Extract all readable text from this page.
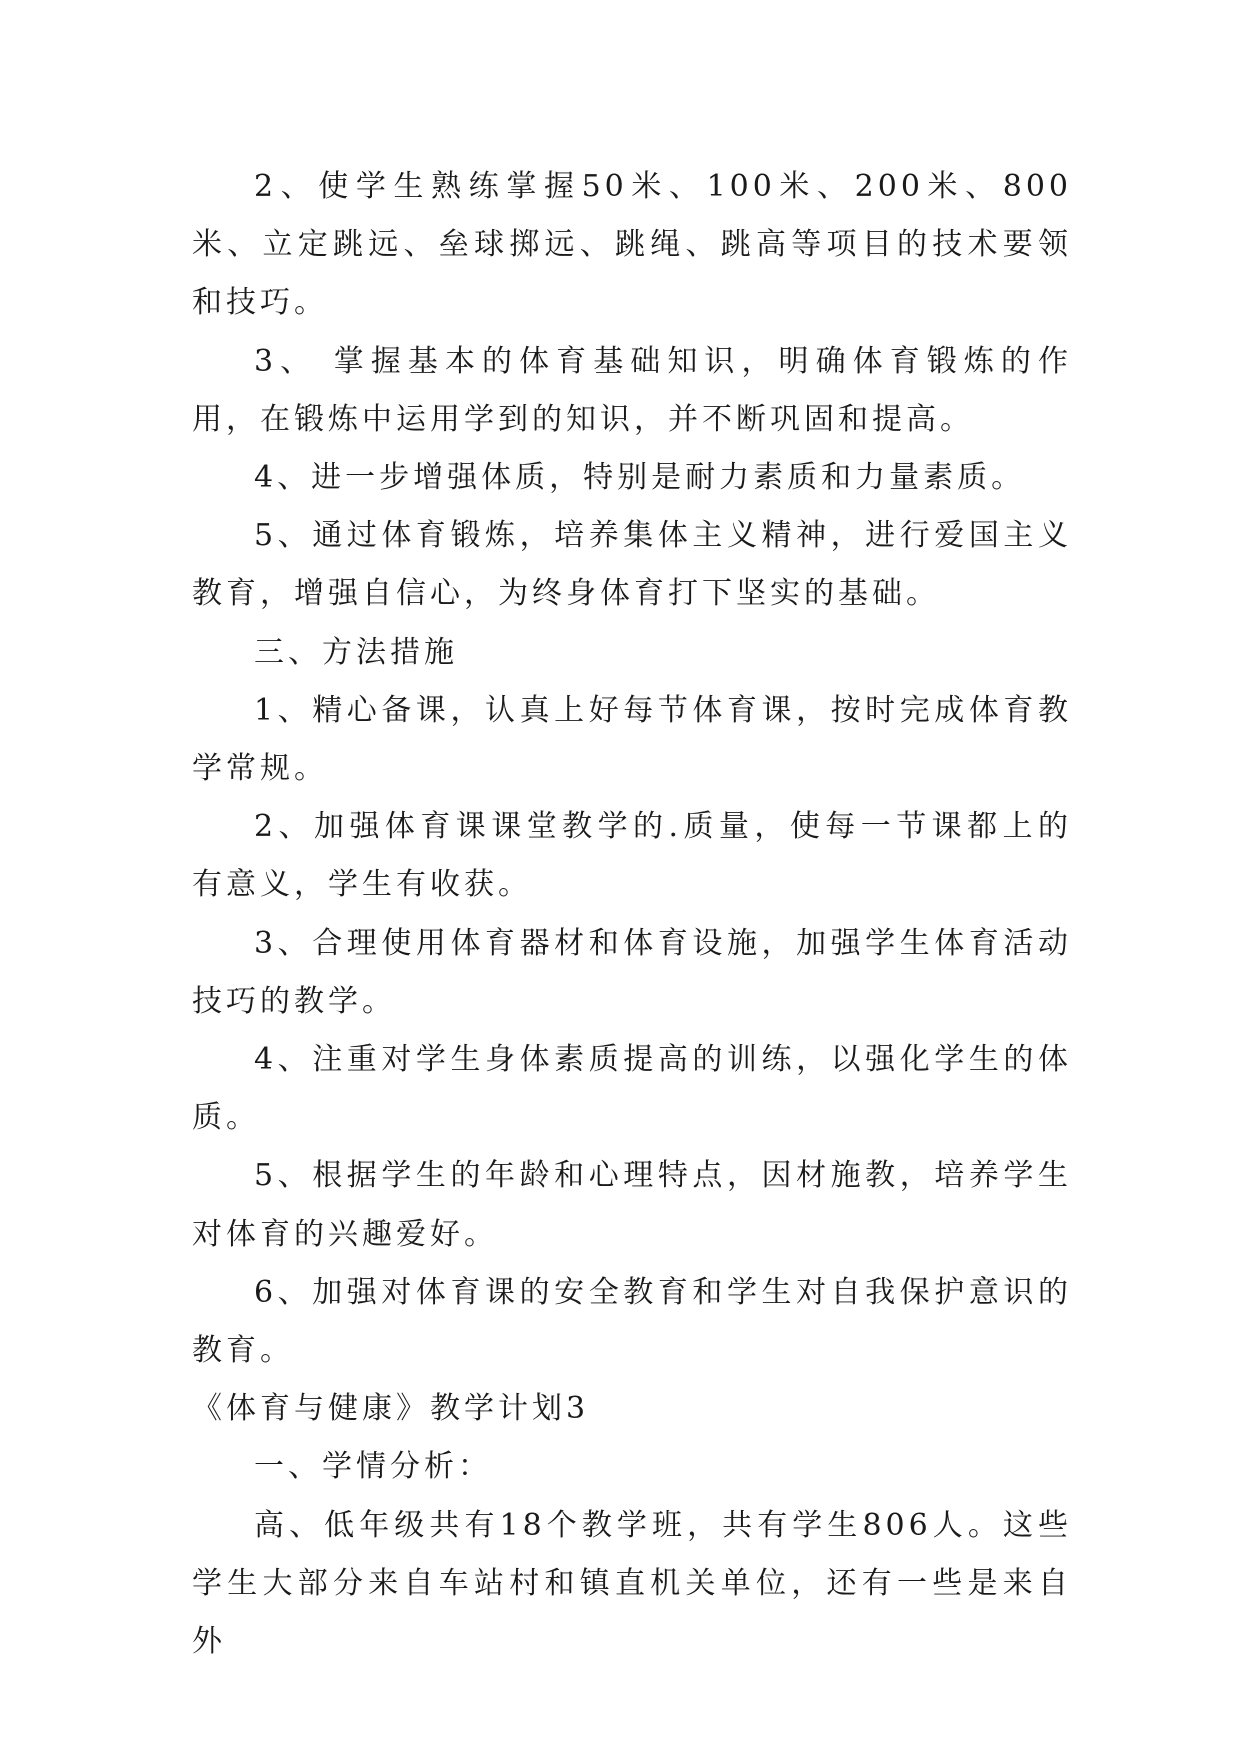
2、使学生熟练掌握50米、100米、200米、800米、立定跳远、垒球掷远、跳绳、跳高等项目的技术要领和技巧。

3、 掌握基本的体育基础知识，明确体育锻炼的作用，在锻炼中运用学到的知识，并不断巩固和提高。

4、进一步增强体质，特别是耐力素质和力量素质。

5、通过体育锻炼，培养集体主义精神，进行爱国主义教育，增强自信心，为终身体育打下坚实的基础。

三、方法措施

1、精心备课，认真上好每节体育课，按时完成体育教学常规。

2、加强体育课课堂教学的.质量，使每一节课都上的有意义，学生有收获。

3、合理使用体育器材和体育设施，加强学生体育活动技巧的教学。

4、注重对学生身体素质提高的训练，以强化学生的体质。

5、根据学生的年龄和心理特点，因材施教，培养学生对体育的兴趣爱好。

6、加强对体育课的安全教育和学生对自我保护意识的教育。

《体育与健康》教学计划3

一、学情分析：

高、低年级共有18个教学班，共有学生806人。这些学生大部分来自车站村和镇直机关单位，还有一些是来自外
